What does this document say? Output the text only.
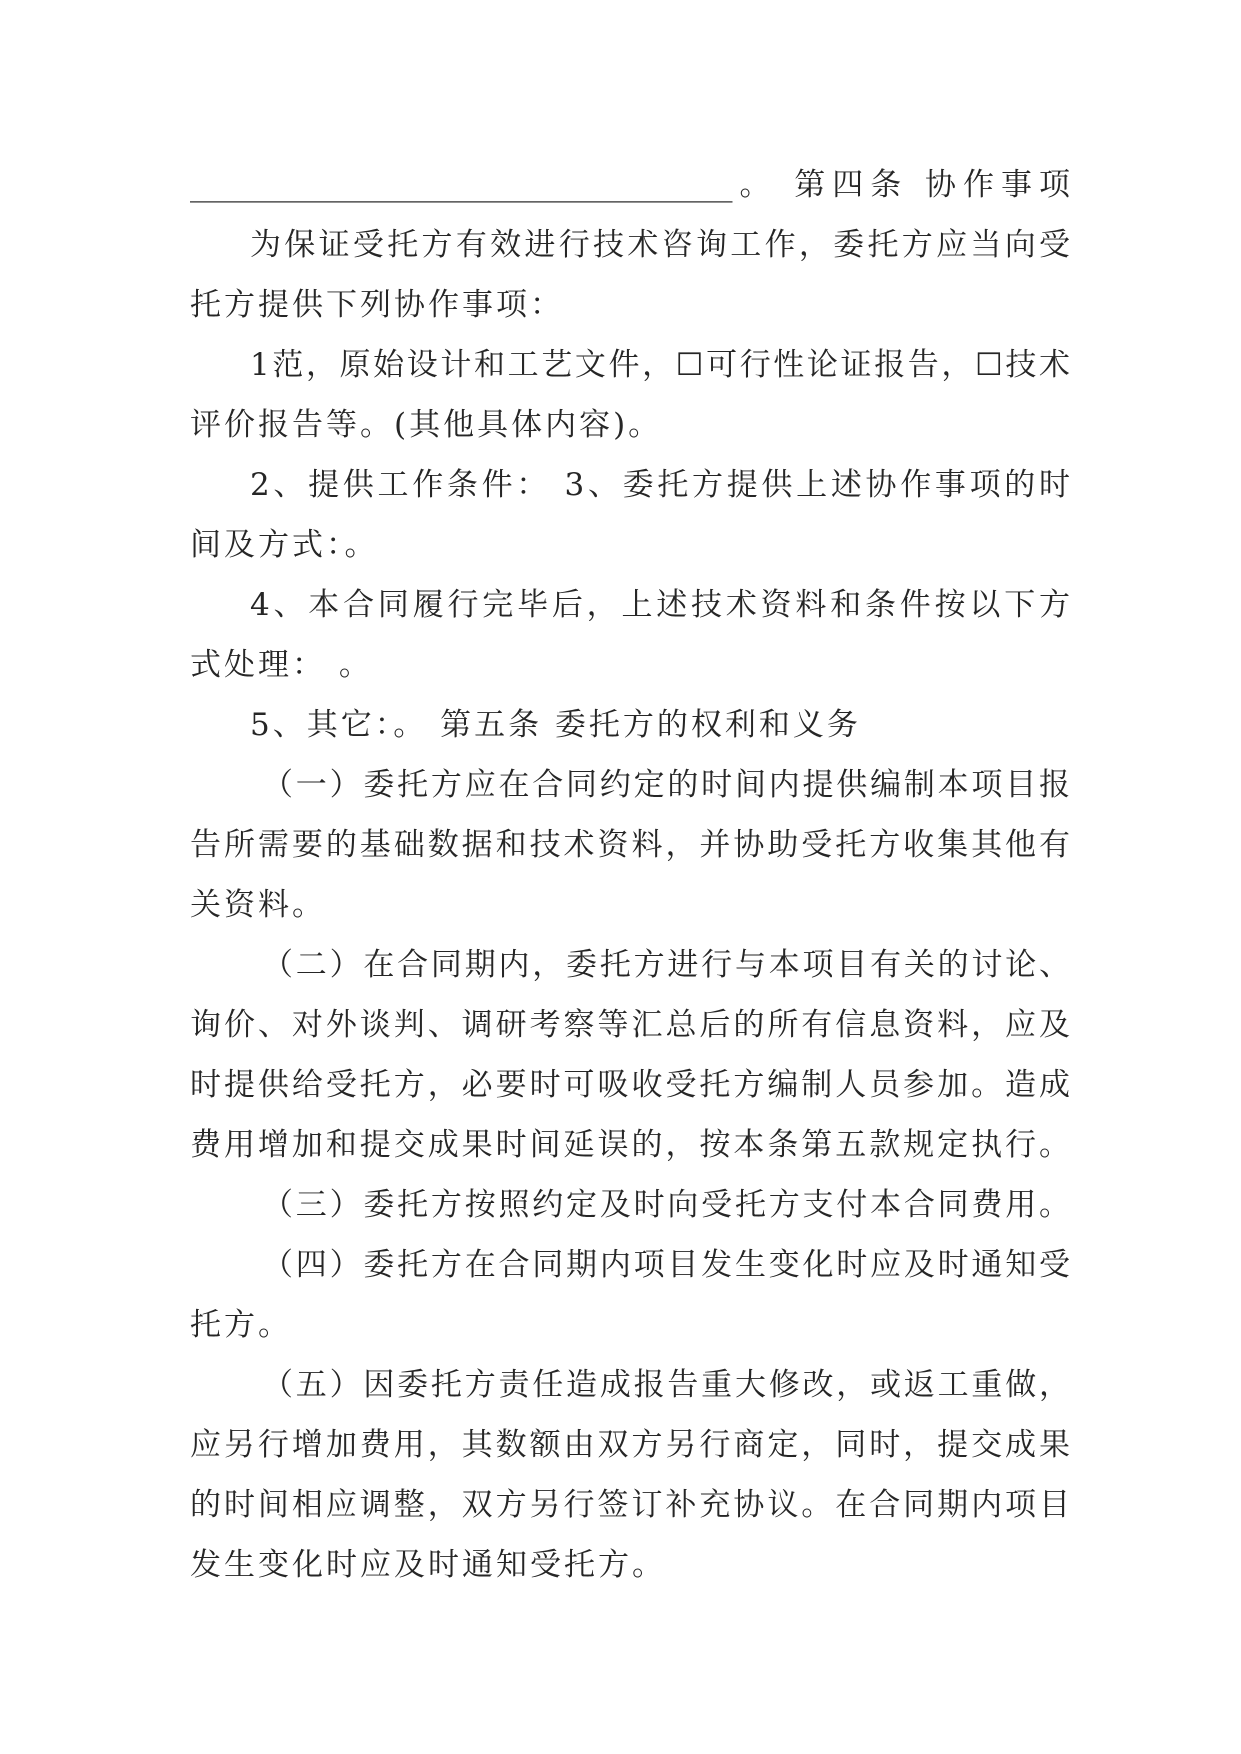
___________________________________。 第四条 协作事项
为保证受托方有效进行技术咨询工作，委托方应当向受
托方提供下列协作事项：
1范，原始设计和工艺文件，☐可行性论证报告，☐技术
评价报告等。(其他具体内容)。
2、提供工作条件： 3、委托方提供上述协作事项的时
间及方式：。
4、本合同履行完毕后，上述技术资料和条件按以下方
式处理： 。
5、其它：。 第五条 委托方的权利和义务
（一）委托方应在合同约定的时间内提供编制本项目报
告所需要的基础数据和技术资料，并协助受托方收集其他有
关资料。
（二）在合同期内，委托方进行与本项目有关的讨论、
询价、对外谈判、调研考察等汇总后的所有信息资料，应及
时提供给受托方，必要时可吸收受托方编制人员参加。造成
费用增加和提交成果时间延误的，按本条第五款规定执行。
（三）委托方按照约定及时向受托方支付本合同费用。
（四）委托方在合同期内项目发生变化时应及时通知受
托方。
（五）因委托方责任造成报告重大修改，或返工重做，
应另行增加费用，其数额由双方另行商定，同时，提交成果
的时间相应调整，双方另行签订补充协议。在合同期内项目
发生变化时应及时通知受托方。
